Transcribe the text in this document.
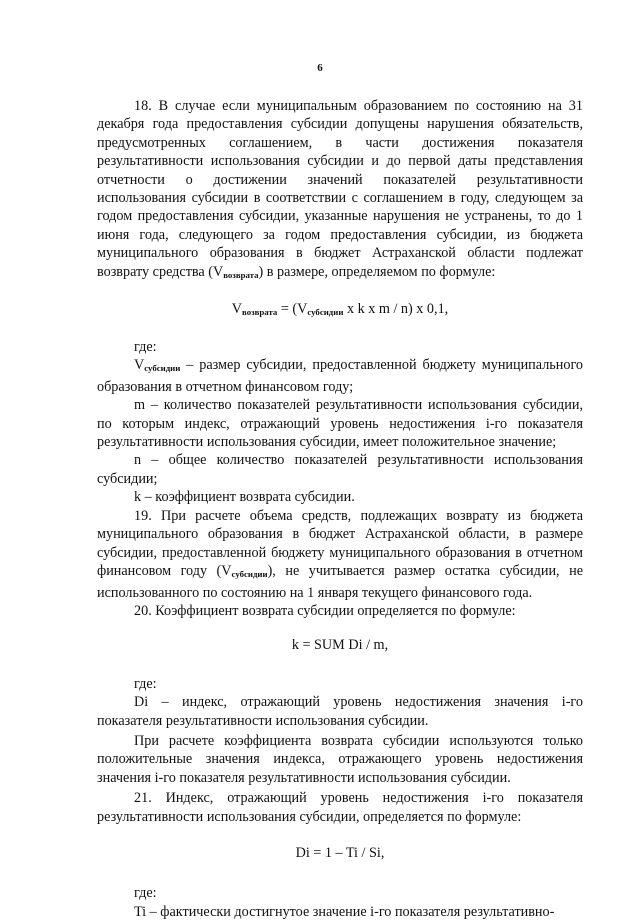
6

18. В случае если муниципальным образованием по состоянию на 31 декабря года предоставления субсидии допущены нарушения обязательств, предусмотренных соглашением, в части достижения показателя результативности использования субсидии и до первой даты представления отчетности о достижении значений показателей результативности использования субсидии в соответствии с соглашением в году, следующем за годом предоставления субсидии, указанные нарушения не устранены, то до 1 июня года, следующего за годом предоставления субсидии, из бюджета муниципального образования в бюджет Астраханской области подлежат возврату средства $(V_{возврата})$ в размере, определяемом по формуле:

$V_{возврата} = (V_{субсидии}$ x k x m / n) x 0,1,

где:

$V_{субсидии}$ – размер субсидии, предоставленной бюджету муниципального образования в отчетном финансовом году;

m – количество показателей результативности использования субсидии, по которым индекс, отражающий уровень недостижения i-го показателя результативности использования субсидии, имеет положительное значение;

n – общее количество показателей результативности использования субсидии;

k – коэффициент возврата субсидии.

19. При расчете объема средств, подлежащих возврату из бюджета муниципального образования в бюджет Астраханской области, в размере субсидии, предоставленной бюджету муниципального образования в отчетном финансовом году $(V_{субсидии})$, не учитывается размер остатка субсидии, не использованного по состоянию на 1 января текущего финансового года.

20. Коэффициент возврата субсидии определяется по формуле:

k = SUM Di / m,

где:

Di – индекс, отражающий уровень недостижения значения i-го показателя результативности использования субсидии.

При расчете коэффициента возврата субсидии используются только положительные значения индекса, отражающего уровень недостижения значения i-го показателя результативности использования субсидии.

21. Индекс, отражающий уровень недостижения i-го показателя результативности использования субсидии, определяется по формуле:

Di = 1 – Ti / Si,

где:

Ti – фактически достигнутое значение i-го показателя результативно-
